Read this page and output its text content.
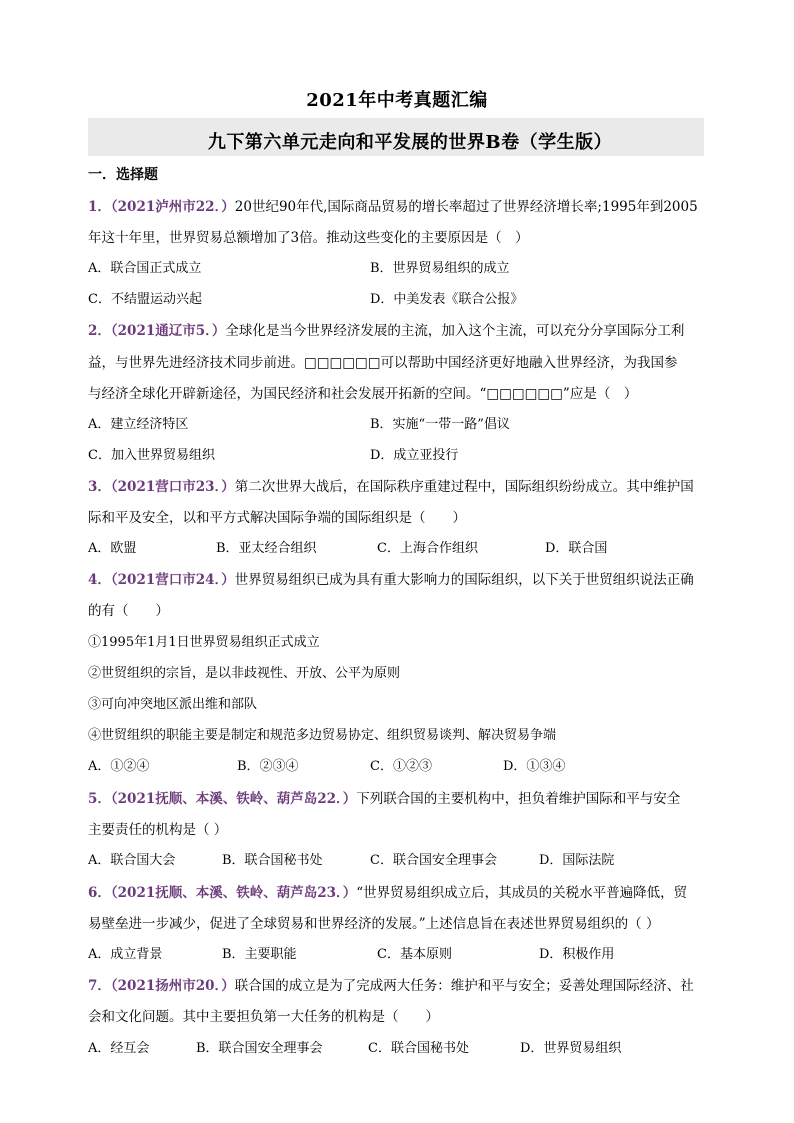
2021年中考真题汇编
九下第六单元走向和平发展的世界B卷（学生版）
一．选择题
1．（2021泸州市22．）20世纪90年代,国际商品贸易的增长率超过了世界经济增长率;1995年到2005
年这十年里，世界贸易总额增加了3倍。推动这些变化的主要原因是（　）
A．联合国正式成立	B．世界贸易组织的成立
C．不结盟运动兴起	D．中美发表《联合公报》
2．（2021通辽市5．）全球化是当今世界经济发展的主流，加入这个主流，可以充分分享国际分工利
益，与世界先进经济技术同步前进。□□□□□□可以帮助中国经济更好地融入世界经济，为我国参
与经济全球化开辟新途径，为国民经济和社会发展开拓新的空间。“□□□□□□”应是（　）
A．建立经济特区	B．实施“一带一路”倡议
C．加入世界贸易组织	D．成立亚投行
3．（2021营口市23．）第二次世界大战后，在国际秩序重建过程中，国际组织纷纷成立。其中维护国
际和平及安全，以和平方式解决国际争端的国际组织是（　　）
A．欧盟	B．亚太经合组织	C．上海合作组织	D．联合国
4．（2021营口市24．）世界贸易组织已成为具有重大影响力的国际组织，以下关于世贸组织说法正确
的有（　　）
①1995年1月1日世界贸易组织正式成立
②世贸组织的宗旨，是以非歧视性、开放、公平为原则
③可向冲突地区派出维和部队
④世贸组织的职能主要是制定和规范多边贸易协定、组织贸易谈判、解决贸易争端
A．①②④	B．②③④	C．①②③	D．①③④
5．（2021抚顺、本溪、铁岭、葫芦岛22．）下列联合国的主要机构中，担负着维护国际和平与安全
主要责任的机构是（ ）
A．联合国大会	B．联合国秘书处	C．联合国安全理事会	D．国际法院
6．（2021抚顺、本溪、铁岭、葫芦岛23．）“世界贸易组织成立后，其成员的关税水平普遍降低，贸
易壁垒进一步减少，促进了全球贸易和世界经济的发展。”上述信息旨在表述世界贸易组织的（ ）
A．成立背景	B．主要职能	C．基本原则	D．积极作用
7．（2021扬州市20．）联合国的成立是为了完成两大任务：维护和平与安全；妥善处理国际经济、社
会和文化问题。其中主要担负第一大任务的机构是（　　）
A．经互会	B．联合国安全理事会	C．联合国秘书处	D．世界贸易组织
